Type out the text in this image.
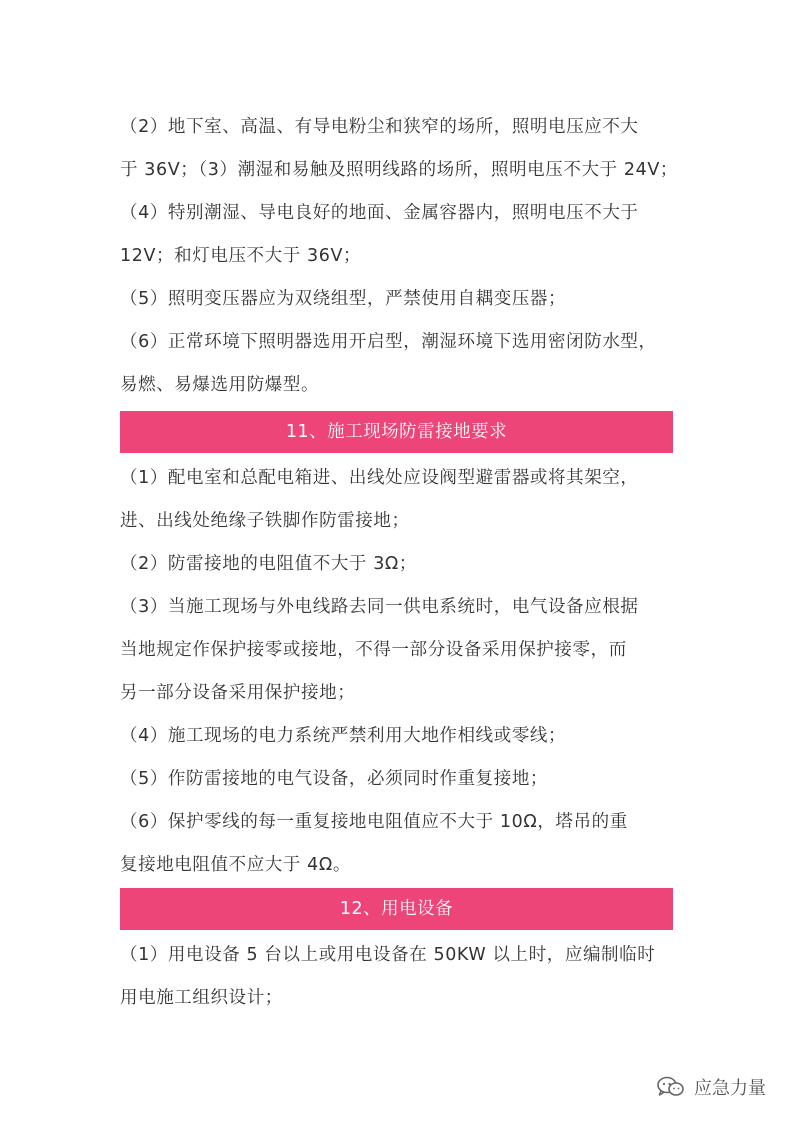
（2）地下室、高温、有导电粉尘和狭窄的场所，照明电压应不大

于 36V；（3）潮湿和易触及照明线路的场所，照明电压不大于 24V；

（4）特别潮湿、导电良好的地面、金属容器内，照明电压不大于

12V；和灯电压不大于 36V；

（5）照明变压器应为双绕组型，严禁使用自耦变压器；

（6）正常环境下照明器选用开启型，潮湿环境下选用密闭防水型，

易燃、易爆选用防爆型。

11、施工现场防雷接地要求

（1）配电室和总配电箱进、出线处应设阀型避雷器或将其架空，

进、出线处绝缘子铁脚作防雷接地；

（2）防雷接地的电阻值不大于 3Ω；

（3）当施工现场与外电线路去同一供电系统时，电气设备应根据

当地规定作保护接零或接地，不得一部分设备采用保护接零，而

另一部分设备采用保护接地；

（4）施工现场的电力系统严禁利用大地作相线或零线；

（5）作防雷接地的电气设备，必须同时作重复接地；

（6）保护零线的每一重复接地电阻值应不大于 10Ω，塔吊的重

复接地电阻值不应大于 4Ω。

12、用电设备

（1）用电设备 5 台以上或用电设备在 50KW 以上时，应编制临时

用电施工组织设计；

应急力量
